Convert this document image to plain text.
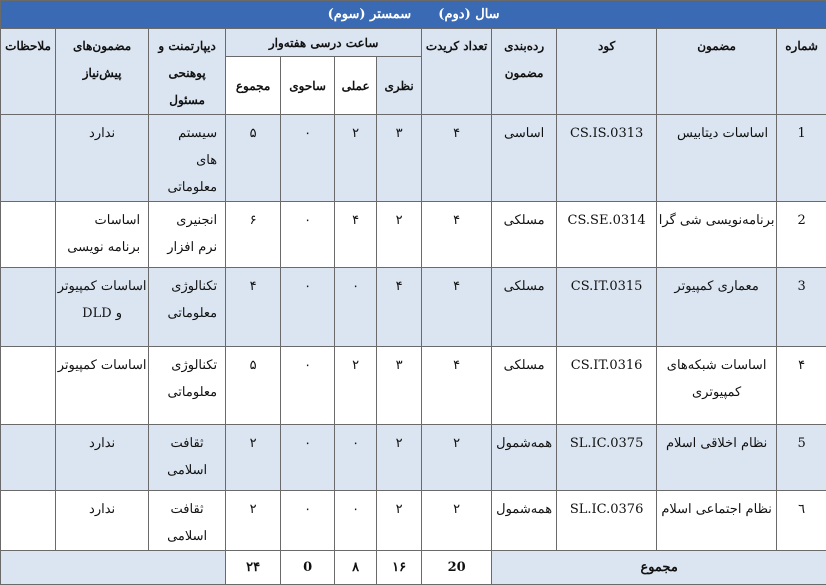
سال (دوم)      سمستر (سوم)											
شماره	مضمون	کود	رده‌بندی مضمون	تعداد کریدت	ساعت درسی هفته‌وار				دیپارتمنت و پوهنحی مسئول	مضمون‌های پیش‌نیاز	ملاحظات
					نظری	عملی	ساحوی	مجموع			
1	اساسات دیتابیس	CS.IS.0313	اساسی	۴	۳	۲	۰	۵	سیستم های معلوماتی	ندارد	
2	برنامه‌نویسی شی گرا	CS.SE.0314	مسلکی	۴	۲	۴	۰	۶	انجنیری نرم افزار	اساسات برنامه نویسی	
3	معماری کمپیوتر	CS.IT.0315	مسلکی	۴	۴	۰	۰	۴	تکنالوژی معلوماتی	اساسات کمپیوتر و DLD	
۴	اساسات شبکه‌های کمپیوتری	CS.IT.0316	مسلکی	۴	۳	۲	۰	۵	تکنالوژی معلوماتی	اساسات کمپیوتر	
5	نظام اخلاقی اسلام	SL.IC.0375	همه‌شمول	۲	۲	۰	۰	۲	ثقافت اسلامی	ندارد	
٦	نظام اجتماعی اسلام	SL.IC.0376	همه‌شمول	۲	۲	۰	۰	۲	ثقافت اسلامی	ندارد	
مجموع				20	۱۶	۸	0	۲۴			
